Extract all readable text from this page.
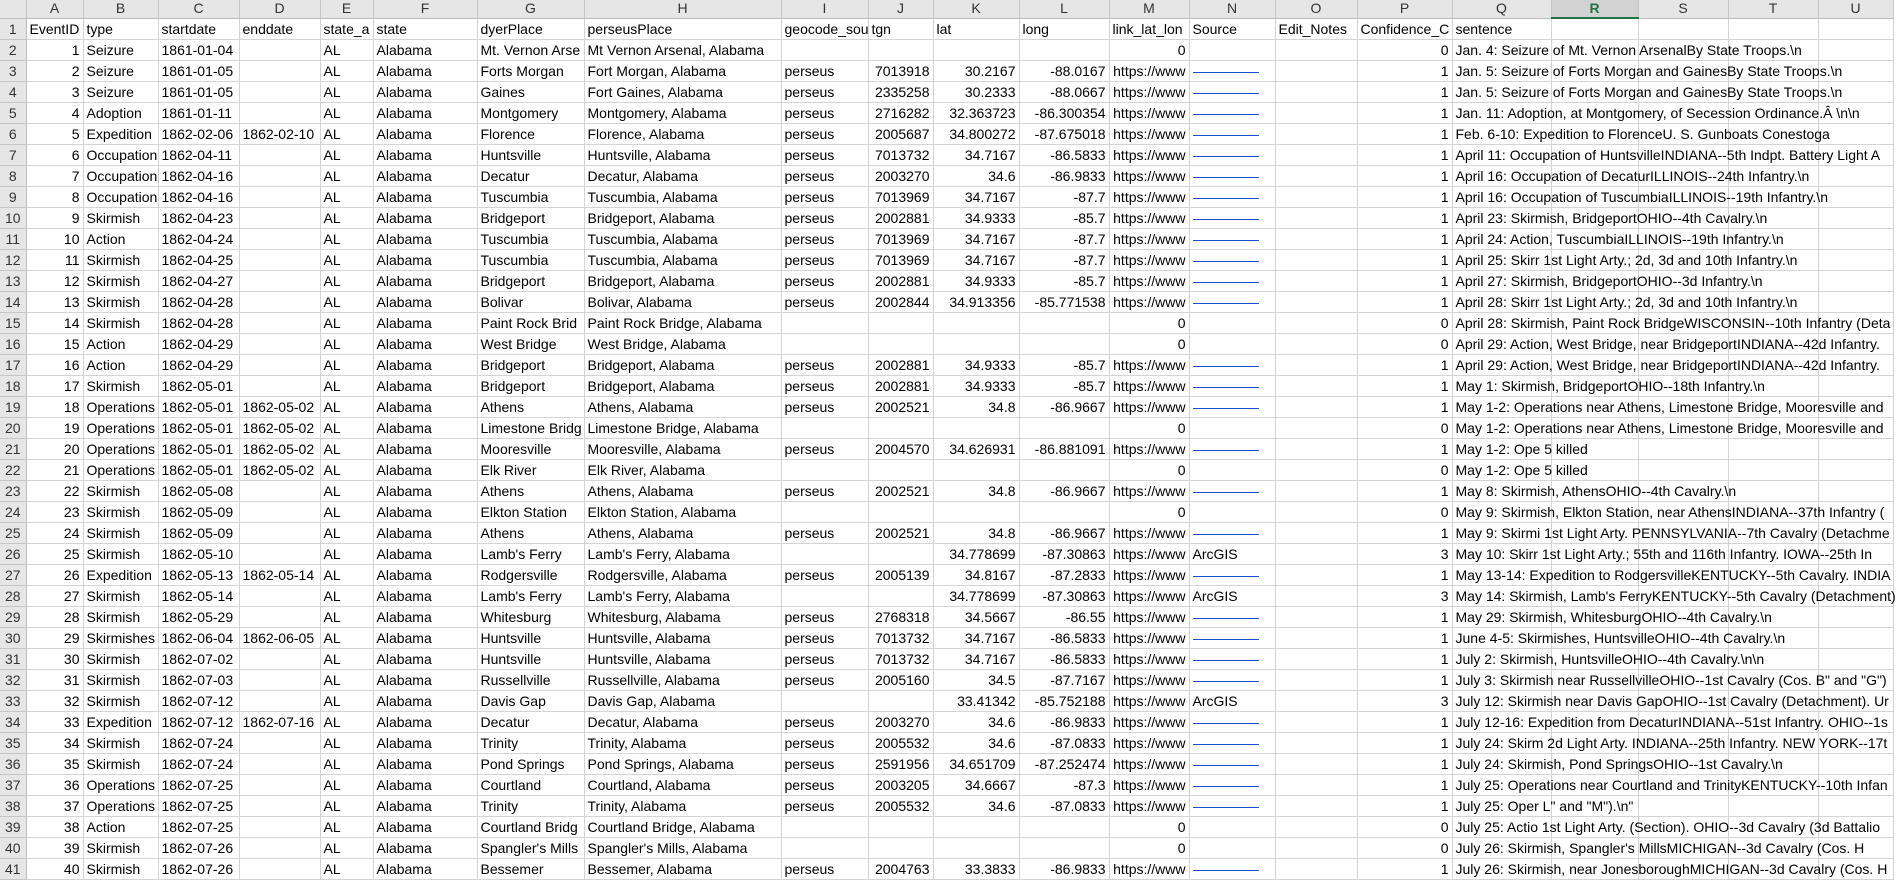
	A	B	C	D	E	F	G	H	I	J	K	L	M	N	O	P	Q	R	S	T	U
1	EventID	type	startdate	enddate	state_a	state	dyerPlace	perseusPlace	geocode_sou	tgn	lat	long	link_lat_lon	Source	Edit_Notes	Confidence_C	sentence				
2	1	Seizure	1861-01-04		AL	Alabama	Mt. Vernon Arse	Mt Vernon Arsenal, Alabama					0			0	Jan. 4: Seizure of Mt. Vernon ArsenalBy State Troops.\n				
3	2	Seizure	1861-01-05		AL	Alabama	Forts Morgan	Fort Morgan, Alabama	perseus	7013918	30.2167	-88.0167	https://www			1	Jan. 5: Seizure of Forts Morgan and GainesBy State Troops.\n				
4	3	Seizure	1861-01-05		AL	Alabama	Gaines	Fort Gaines, Alabama	perseus	2335258	30.2333	-88.0667	https://www			1	Jan. 5: Seizure of Forts Morgan and GainesBy State Troops.\n				
5	4	Adoption	1861-01-11		AL	Alabama	Montgomery	Montgomery, Alabama	perseus	2716282	32.363723	-86.300354	https://www			1	Jan. 11: Adoption, at Montgomery, of Secession Ordinance.Â \n\n				
6	5	Expedition	1862-02-06	1862-02-10	AL	Alabama	Florence	Florence, Alabama	perseus	2005687	34.800272	-87.675018	https://www			1	Feb. 6-10: Expedition to FlorenceU. S. Gunboats Conestoga				
7	6	Occupation	1862-04-11		AL	Alabama	Huntsville	Huntsville, Alabama	perseus	7013732	34.7167	-86.5833	https://www			1	April 11: Occupation of HuntsvilleINDIANA--5th Indpt. Battery Light A				
8	7	Occupation	1862-04-16		AL	Alabama	Decatur	Decatur, Alabama	perseus	2003270	34.6	-86.9833	https://www			1	April 16: Occupation of DecaturILLINOIS--24th Infantry.\n				
9	8	Occupation	1862-04-16		AL	Alabama	Tuscumbia	Tuscumbia, Alabama	perseus	7013969	34.7167	-87.7	https://www			1	April 16: Occupation of TuscumbiaILLINOIS--19th Infantry.\n				
10	9	Skirmish	1862-04-23		AL	Alabama	Bridgeport	Bridgeport, Alabama	perseus	2002881	34.9333	-85.7	https://www			1	April 23: Skirmish, BridgeportOHIO--4th Cavalry.\n				
11	10	Action	1862-04-24		AL	Alabama	Tuscumbia	Tuscumbia, Alabama	perseus	7013969	34.7167	-87.7	https://www			1	April 24: Action, TuscumbiaILLINOIS--19th Infantry.\n				
12	11	Skirmish	1862-04-25		AL	Alabama	Tuscumbia	Tuscumbia, Alabama	perseus	7013969	34.7167	-87.7	https://www			1	April 25: Skirr 1st Light Arty.; 2d, 3d and 10th Infantry.\n				
13	12	Skirmish	1862-04-27		AL	Alabama	Bridgeport	Bridgeport, Alabama	perseus	2002881	34.9333	-85.7	https://www			1	April 27: Skirmish, BridgeportOHIO--3d Infantry.\n				
14	13	Skirmish	1862-04-28		AL	Alabama	Bolivar	Bolivar, Alabama	perseus	2002844	34.913356	-85.771538	https://www			1	April 28: Skirr 1st Light Arty.; 2d, 3d and 10th Infantry.\n				
15	14	Skirmish	1862-04-28		AL	Alabama	Paint Rock Brid	Paint Rock Bridge, Alabama					0			0	April 28: Skirmish, Paint Rock BridgeWISCONSIN--10th Infantry (Deta				
16	15	Action	1862-04-29		AL	Alabama	West Bridge	West Bridge, Alabama					0			0	April 29: Action, West Bridge, near BridgeportINDIANA--42d Infantry.				
17	16	Action	1862-04-29		AL	Alabama	Bridgeport	Bridgeport, Alabama	perseus	2002881	34.9333	-85.7	https://www			1	April 29: Action, West Bridge, near BridgeportINDIANA--42d Infantry.				
18	17	Skirmish	1862-05-01		AL	Alabama	Bridgeport	Bridgeport, Alabama	perseus	2002881	34.9333	-85.7	https://www			1	May 1: Skirmish, BridgeportOHIO--18th Infantry.\n				
19	18	Operations	1862-05-01	1862-05-02	AL	Alabama	Athens	Athens, Alabama	perseus	2002521	34.8	-86.9667	https://www			1	May 1-2: Operations near Athens, Limestone Bridge, Mooresville and				
20	19	Operations	1862-05-01	1862-05-02	AL	Alabama	Limestone Bridg	Limestone Bridge, Alabama					0			0	May 1-2: Operations near Athens, Limestone Bridge, Mooresville and				
21	20	Operations	1862-05-01	1862-05-02	AL	Alabama	Mooresville	Mooresville, Alabama	perseus	2004570	34.626931	-86.881091	https://www			1	May 1-2: Ope 5 killed				
22	21	Operations	1862-05-01	1862-05-02	AL	Alabama	Elk River	Elk River, Alabama					0			0	May 1-2: Ope 5 killed				
23	22	Skirmish	1862-05-08		AL	Alabama	Athens	Athens, Alabama	perseus	2002521	34.8	-86.9667	https://www			1	May 8: Skirmish, AthensOHIO--4th Cavalry.\n				
24	23	Skirmish	1862-05-09		AL	Alabama	Elkton Station	Elkton Station, Alabama					0			0	May 9: Skirmish, Elkton Station, near AthensINDIANA--37th Infantry (				
25	24	Skirmish	1862-05-09		AL	Alabama	Athens	Athens, Alabama	perseus	2002521	34.8	-86.9667	https://www			1	May 9: Skirmi 1st Light Arty. PENNSYLVANIA--7th Cavalry (Detachme				
26	25	Skirmish	1862-05-10		AL	Alabama	Lamb's Ferry	Lamb's Ferry, Alabama			34.778699	-87.30863	https://www	ArcGIS		3	May 10: Skirr 1st Light Arty.; 55th and 116th Infantry. IOWA--25th In				
27	26	Expedition	1862-05-13	1862-05-14	AL	Alabama	Rodgersville	Rodgersville, Alabama	perseus	2005139	34.8167	-87.2833	https://www			1	May 13-14: Expedition to RodgersvilleKENTUCKY--5th Cavalry. INDIA				
28	27	Skirmish	1862-05-14		AL	Alabama	Lamb's Ferry	Lamb's Ferry, Alabama			34.778699	-87.30863	https://www	ArcGIS		3	May 14: Skirmish, Lamb's FerryKENTUCKY--5th Cavalry (Detachment)				
29	28	Skirmish	1862-05-29		AL	Alabama	Whitesburg	Whitesburg, Alabama	perseus	2768318	34.5667	-86.55	https://www			1	May 29: Skirmish, WhitesburgOHIO--4th Cavalry.\n				
30	29	Skirmishes	1862-06-04	1862-06-05	AL	Alabama	Huntsville	Huntsville, Alabama	perseus	7013732	34.7167	-86.5833	https://www			1	June 4-5: Skirmishes, HuntsvilleOHIO--4th Cavalry.\n				
31	30	Skirmish	1862-07-02		AL	Alabama	Huntsville	Huntsville, Alabama	perseus	7013732	34.7167	-86.5833	https://www			1	July 2: Skirmish, HuntsvilleOHIO--4th Cavalry.\n\n				
32	31	Skirmish	1862-07-03		AL	Alabama	Russellville	Russellville, Alabama	perseus	2005160	34.5	-87.7167	https://www			1	July 3: Skirmish near RussellvilleOHIO--1st Cavalry (Cos. B" and "G")				
33	32	Skirmish	1862-07-12		AL	Alabama	Davis Gap	Davis Gap, Alabama			33.41342	-85.752188	https://www	ArcGIS		3	July 12: Skirmish near Davis GapOHIO--1st Cavalry (Detachment). Ur				
34	33	Expedition	1862-07-12	1862-07-16	AL	Alabama	Decatur	Decatur, Alabama	perseus	2003270	34.6	-86.9833	https://www			1	July 12-16: Expedition from DecaturINDIANA--51st Infantry. OHIO--1s				
35	34	Skirmish	1862-07-24		AL	Alabama	Trinity	Trinity, Alabama	perseus	2005532	34.6	-87.0833	https://www			1	July 24: Skirm 2d Light Arty. INDIANA--25th Infantry. NEW YORK--17t				
36	35	Skirmish	1862-07-24		AL	Alabama	Pond Springs	Pond Springs, Alabama	perseus	2591956	34.651709	-87.252474	https://www			1	July 24: Skirmish, Pond SpringsOHIO--1st Cavalry.\n				
37	36	Operations	1862-07-25		AL	Alabama	Courtland	Courtland, Alabama	perseus	2003205	34.6667	-87.3	https://www			1	July 25: Operations near Courtland and TrinityKENTUCKY--10th Infan				
38	37	Operations	1862-07-25		AL	Alabama	Trinity	Trinity, Alabama	perseus	2005532	34.6	-87.0833	https://www			1	July 25: Oper L" and "M").\n"				
39	38	Action	1862-07-25		AL	Alabama	Courtland Bridg	Courtland Bridge, Alabama					0			0	July 25: Actio 1st Light Arty. (Section). OHIO--3d Cavalry (3d Battalio				
40	39	Skirmish	1862-07-26		AL	Alabama	Spangler's Mills	Spangler's Mills, Alabama					0			0	July 26: Skirmish, Spangler's MillsMICHIGAN--3d Cavalry (Cos. H				
41	40	Skirmish	1862-07-26		AL	Alabama	Bessemer	Bessemer, Alabama	perseus	2004763	33.3833	-86.9833	https://www			1	July 26: Skirmish, near JonesboroughMICHIGAN--3d Cavalry (Cos. H				
